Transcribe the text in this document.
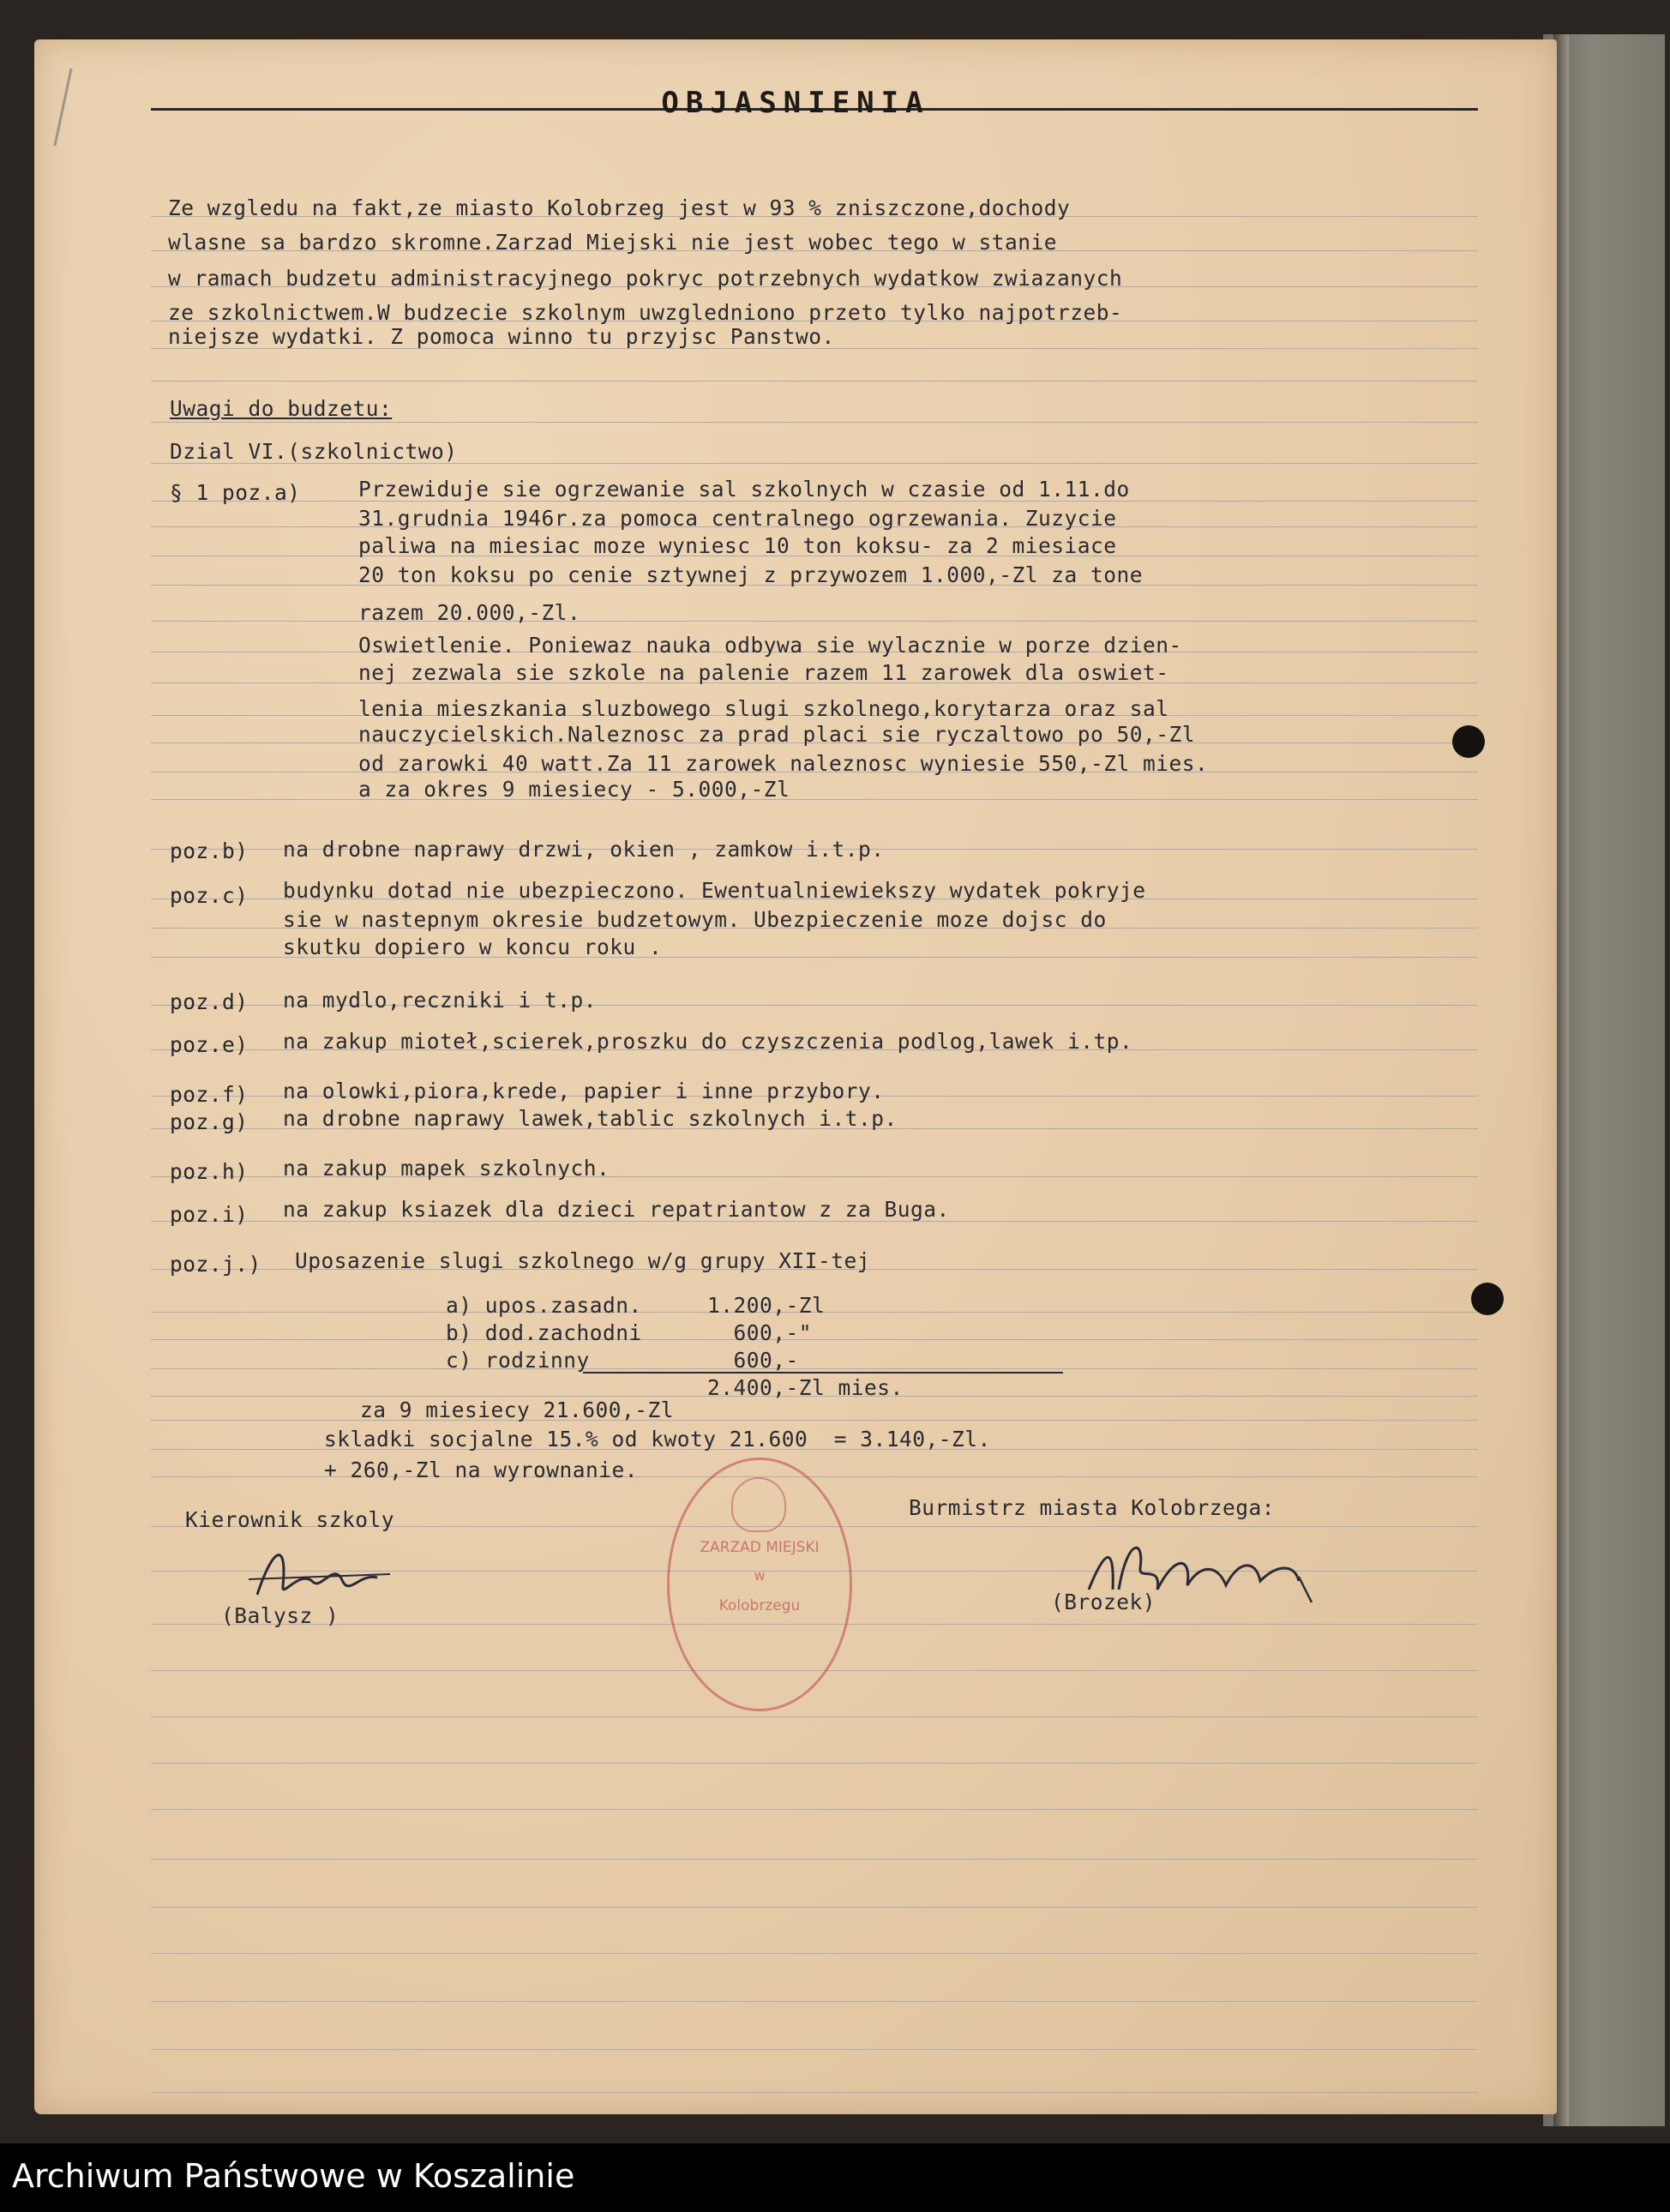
OBJASNIENIA
Ze wzgledu na fakt,ze miasto Kolobrzeg jest w 93 % zniszczone,dochody
wlasne sa bardzo skromne.Zarzad Miejski nie jest wobec tego w stanie
w ramach budzetu administracyjnego pokryc potrzebnych wydatkow zwiazanych
ze szkolnictwem.W budzecie szkolnym uwzgledniono przeto tylko najpotrzeb-
niejsze wydatki. Z pomoca winno tu przyjsc Panstwo.
Uwagi do budzetu:
Dzial VI.(szkolnictwo)
§ 1 poz.a)	Przewiduje sie ogrzewanie sal szkolnych w czasie od 1.11.do
31.grudnia 1946r.za pomoca centralnego ogrzewania. Zuzycie
paliwa na miesiac moze wyniesc 10 ton koksu- za 2 miesiace
20 ton koksu po cenie sztywnej z przywozem 1.000,-Zl za tone
razem 20.000,-Zl.
Oswietlenie. Poniewaz nauka odbywa sie wylacznie w porze dzien-
nej zezwala sie szkole na palenie razem 11 zarowek dla oswiet-
lenia mieszkania sluzbowego slugi szkolnego,korytarza oraz sal
nauczycielskich.Naleznosc za prad placi sie ryczaltowo po 50,-Zl
od zarowki 40 watt.Za 11 zarowek naleznosc wyniesie 550,-Zl mies.
a za okres 9 miesiecy - 5.000,-Zl
poz.b) na drobne naprawy drzwi, okien , zamkow i.t.p.
poz.c) budynku dotad nie ubezpieczono. Ewentualniewiekszy wydatek pokryje
sie w nastepnym okresie budzetowym. Ubezpieczenie moze dojsc do
skutku dopiero w koncu roku .
poz.d) na mydlo,reczniki i t.p.
poz.e) na zakup mioteł,scierek,proszku do czyszczenia podlog,lawek i.tp.
poz.f) na olowki,piora,krede, papier i inne przybory.
poz.g) na drobne naprawy lawek,tablic szkolnych i.t.p.
poz.h) na zakup mapek szkolnych.
poz.i) na zakup ksiazek dla dzieci repatriantow z za Buga.
poz.j.) Uposazenie slugi szkolnego w/g grupy XII-tej
a) upos.zasadn.     1.200,-Zl
b) dod.zachodni       600,-"
c) rodzinny           600,-
2.400,-Zl mies.
za 9 miesiecy 21.600,-Zl
skladki socjalne 15.% od kwoty 21.600  = 3.140,-Zl.
+ 260,-Zl na wyrownanie.
Kierownik szkoly
(Balysz )
Burmistrz miasta Kolobrzega:
(Brozek)
ZARZAD MIEJSKI
w
Kolobrzegu
Archiwum Państwowe w Koszalinie
